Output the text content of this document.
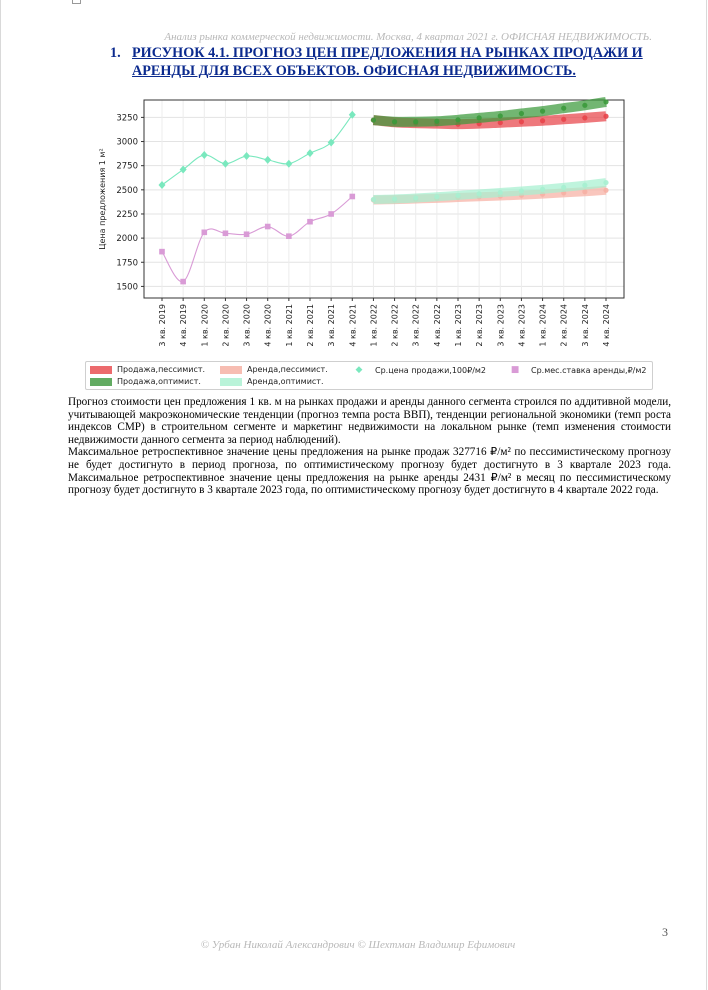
Анализ рынка коммерческой недвижимости. Москва, 4 квартал 2021 г. ОФИСНАЯ НЕДВИЖИМОСТЬ.
1. РИСУНОК 4.1. ПРОГНОЗ ЦЕН ПРЕДЛОЖЕНИЯ НА РЫНКАХ ПРОДАЖИ И АРЕНДЫ ДЛЯ ВСЕХ ОБЪЕКТОВ. ОФИСНАЯ НЕДВИЖИМОСТЬ.
1500
1750
2000
2250
2500
2750
3000
3250
Цена предложения 1 м²
3 кв. 2019 4 кв. 2019 1 кв. 2020 2 кв. 2020 3 кв. 2020 4 кв. 2020 1 кв. 2021 2 кв. 2021 3 кв. 2021 4 кв. 2021 1 кв. 2022 2 кв. 2022 3 кв. 2022 4 кв. 2022 1 кв. 2023 2 кв. 2023 3 кв. 2023 4 кв. 2023 1 кв. 2024 2 кв. 2024 3 кв. 2024 4 кв. 2024
Продажа,пессимист.
Продажа,оптимист.
Аренда,пессимист.
Аренда,оптимист.
◆	Ср.цена продажи,100₽/м2	■	Ср.мес.ставка аренды,₽/м2

Прогноз стоимости цен предложения 1 кв. м на рынках продажи и аренды данного сегмента строился по аддитивной модели, учитывающей макроэкономические тенденции (прогноз темпа роста ВВП), тенденции региональной экономики (темп роста индексов СМР) в строительном сегменте и маркетинг недвижимости на локальном рынке (темп изменения стоимости недвижимости данного сегмента за период наблюдений).

Максимальное ретроспективное значение цены предложения на рынке продаж 327716 ₽/м² по пессимистическому прогнозу не будет достигнуто в период прогноза, по оптимистическому прогнозу будет достигнуто в 3 квартале 2023 года. Максимальное ретроспективное значение цены предложения на рынке аренды 2431 ₽/м² в месяц по пессимистическому прогнозу будет достигнуто в 3 квартале 2023 года, по оптимистическому прогнозу будет достигнуто в 4 квартале 2022 года.

3
© Урбан Николай Александрович © Шехтман Владимир Ефимович
